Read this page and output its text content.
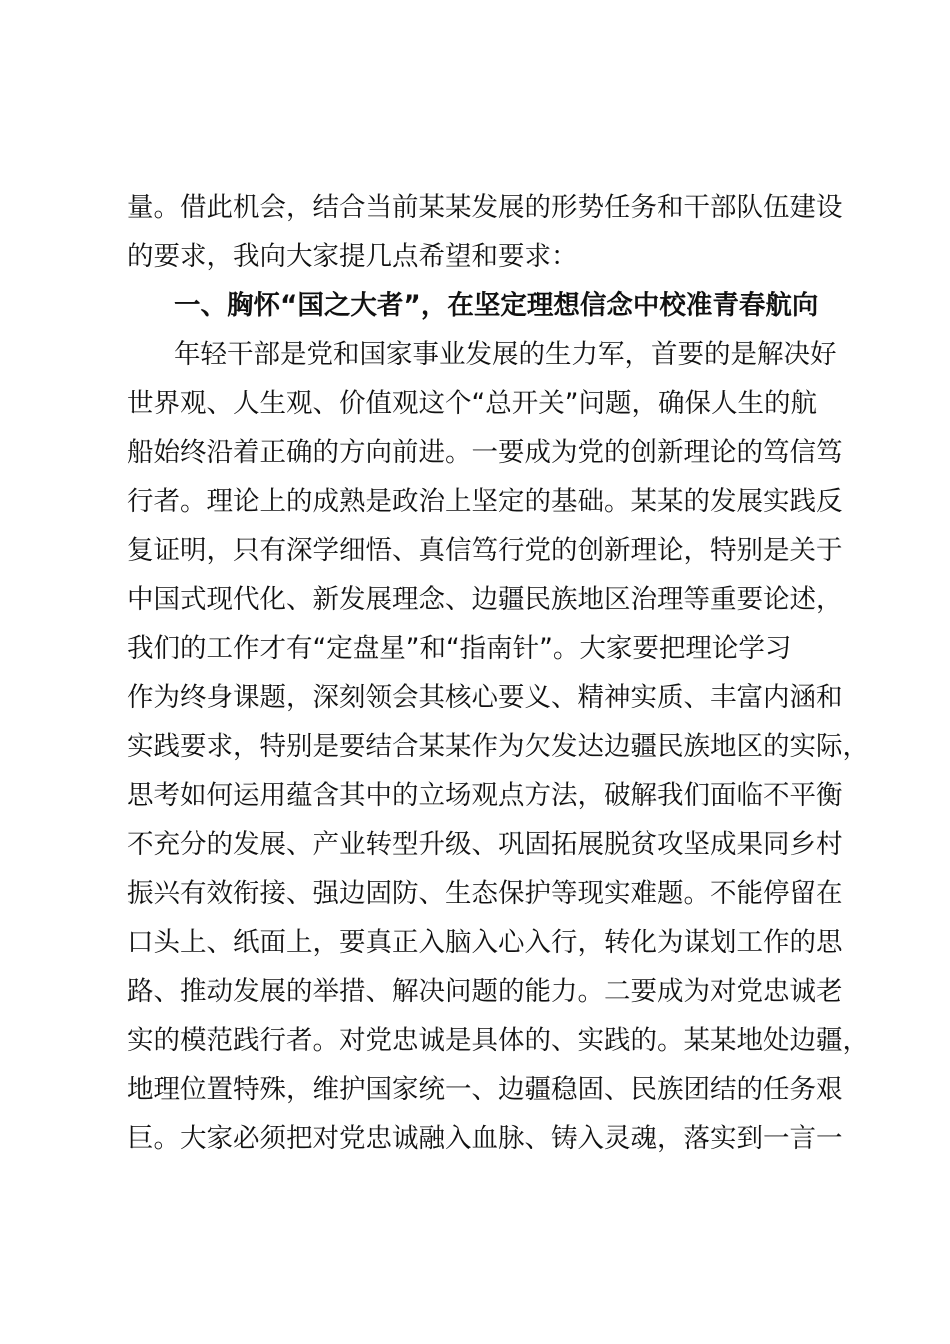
量。借此机会，结合当前某某发展的形势任务和干部队伍建设
的要求，我向大家提几点希望和要求：
一、胸怀“国之大者”，在坚定理想信念中校准青春航向
年轻干部是党和国家事业发展的生力军，首要的是解决好
世界观、人生观、价值观这个“总开关”问题，确保人生的航
船始终沿着正确的方向前进。一要成为党的创新理论的笃信笃
行者。理论上的成熟是政治上坚定的基础。某某的发展实践反
复证明，只有深学细悟、真信笃行党的创新理论，特别是关于
中国式现代化、新发展理念、边疆民族地区治理等重要论述，
我们的工作才有“定盘星”和“指南针”。大家要把理论学习
作为终身课题，深刻领会其核心要义、精神实质、丰富内涵和
实践要求，特别是要结合某某作为欠发达边疆民族地区的实际，
思考如何运用蕴含其中的立场观点方法，破解我们面临不平衡
不充分的发展、产业转型升级、巩固拓展脱贫攻坚成果同乡村
振兴有效衔接、强边固防、生态保护等现实难题。不能停留在
口头上、纸面上，要真正入脑入心入行，转化为谋划工作的思
路、推动发展的举措、解决问题的能力。二要成为对党忠诚老
实的模范践行者。对党忠诚是具体的、实践的。某某地处边疆，
地理位置特殊，维护国家统一、边疆稳固、民族团结的任务艰
巨。大家必须把对党忠诚融入血脉、铸入灵魂，落实到一言一
